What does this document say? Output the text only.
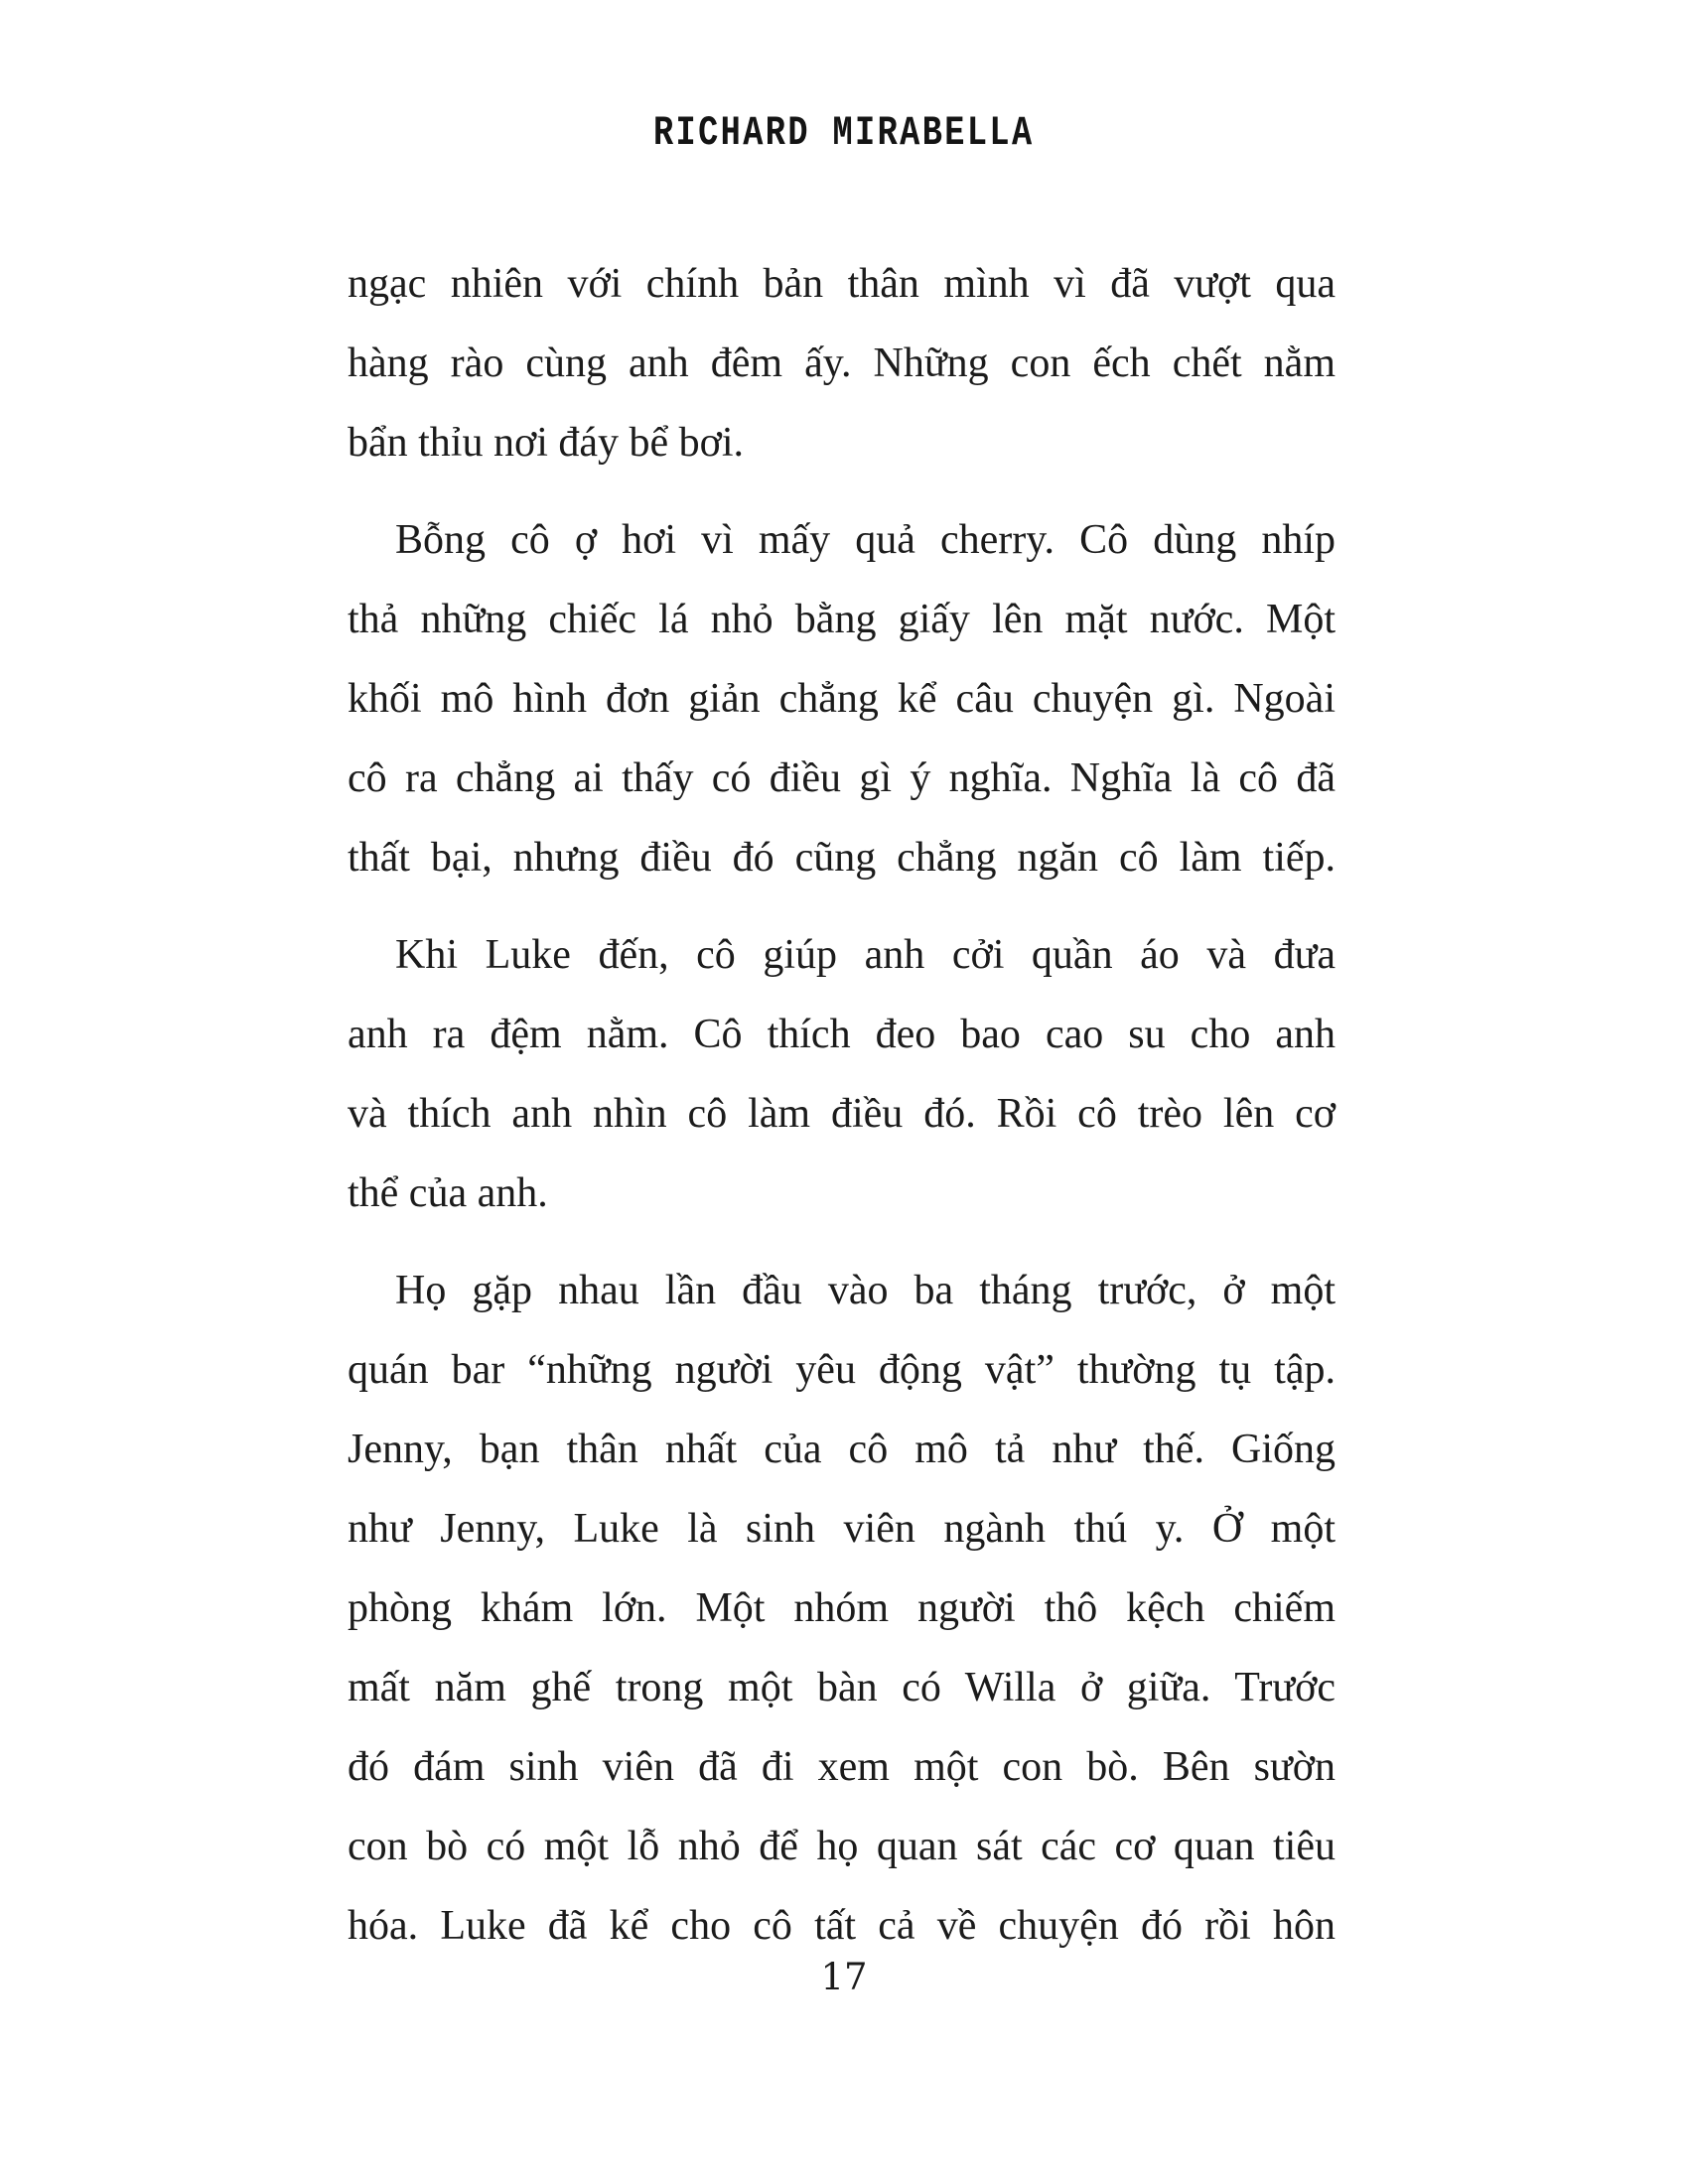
RICHARD MIRABELLA
ngạc nhiên với chính bản thân mình vì đã vượt qua
hàng rào cùng anh đêm ấy. Những con ếch chết nằm
bẩn thỉu nơi đáy bể bơi.
Bỗng cô ợ hơi vì mấy quả cherry. Cô dùng nhíp
thả những chiếc lá nhỏ bằng giấy lên mặt nước. Một
khối mô hình đơn giản chẳng kể câu chuyện gì. Ngoài
cô ra chẳng ai thấy có điều gì ý nghĩa. Nghĩa là cô đã
thất bại, nhưng điều đó cũng chẳng ngăn cô làm tiếp.
Khi Luke đến, cô giúp anh cởi quần áo và đưa
anh ra đệm nằm. Cô thích đeo bao cao su cho anh
và thích anh nhìn cô làm điều đó. Rồi cô trèo lên cơ
thể của anh.
Họ gặp nhau lần đầu vào ba tháng trước, ở một
quán bar “những người yêu động vật” thường tụ tập.
Jenny, bạn thân nhất của cô mô tả như thế. Giống
như Jenny, Luke là sinh viên ngành thú y. Ở một
phòng khám lớn. Một nhóm người thô kệch chiếm
mất năm ghế trong một bàn có Willa ở giữa. Trước
đó đám sinh viên đã đi xem một con bò. Bên sườn
con bò có một lỗ nhỏ để họ quan sát các cơ quan tiêu
hóa. Luke đã kể cho cô tất cả về chuyện đó rồi hôn
17
